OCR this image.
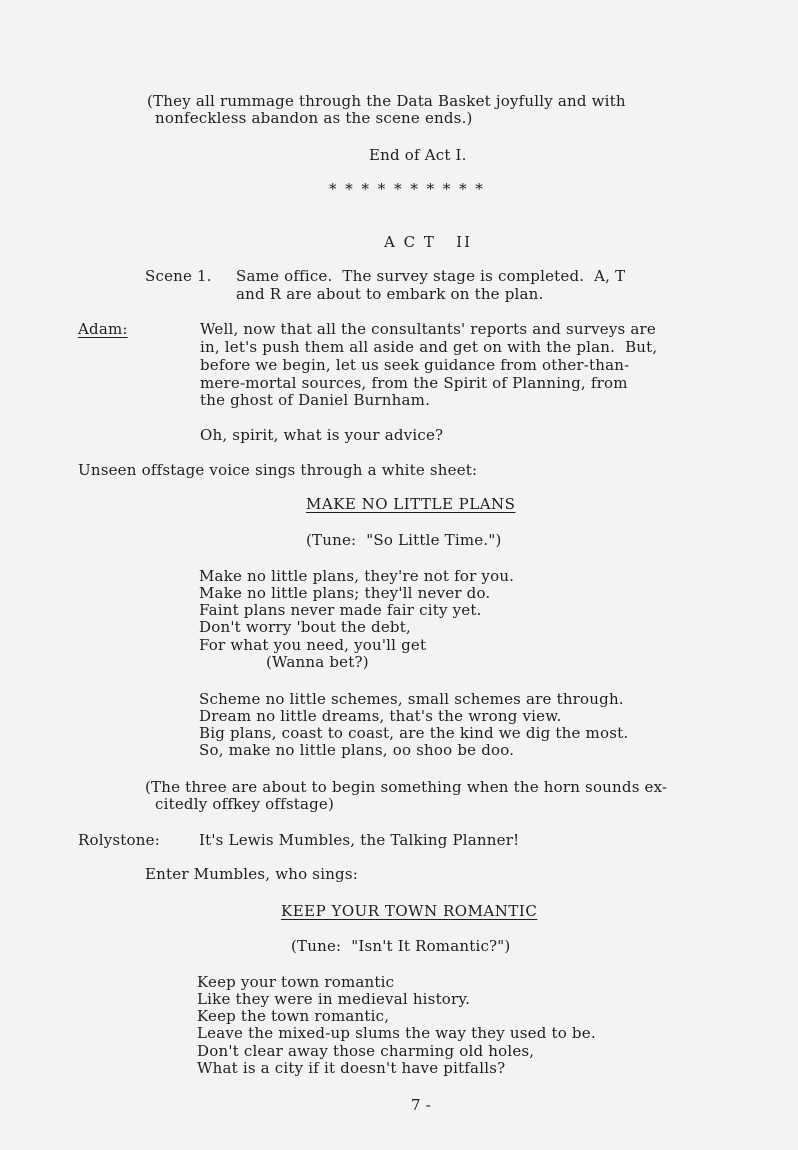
(They all rummage through the Data Basket joyfully and with

nonfeckless abandon as the scene ends.)

End of Act I.

* * * * * * * * * *

A C T   II

Scene 1. Same office.  The survey stage is completed.  A, T

and R are about to embark on the plan.

Adam:	Well, now that all the consultants' reports and surveys are

in, let's push them all aside and get on with the plan.  But,

before we begin, let us seek guidance from other-than-

mere-mortal sources, from the Spirit of Planning, from

the ghost of Daniel Burnham.

Oh, spirit, what is your advice?

Unseen offstage voice sings through a white sheet:

MAKE NO LITTLE PLANS

(Tune:  "So Little Time.")

Make no little plans, they're not for you.

Make no little plans; they'll never do.

Faint plans never made fair city yet.

Don't worry 'bout the debt,

For what you need, you'll get

(Wanna bet?)

Scheme no little schemes, small schemes are through.

Dream no little dreams, that's the wrong view.

Big plans, coast to coast, are the kind we dig the most.

So, make no little plans, oo shoo be doo.

(The three are about to begin something when the horn sounds ex-

citedly offkey offstage)

Rolystone:	It's Lewis Mumbles, the Talking Planner!

Enter Mumbles, who sings:

KEEP YOUR TOWN ROMANTIC

(Tune:  "Isn't It Romantic?")

Keep your town romantic

Like they were in medieval history.

Keep the town romantic,

Leave the mixed-up slums the way they used to be.

Don't clear away those charming old holes,

What is a city if it doesn't have pitfalls?

7 -
